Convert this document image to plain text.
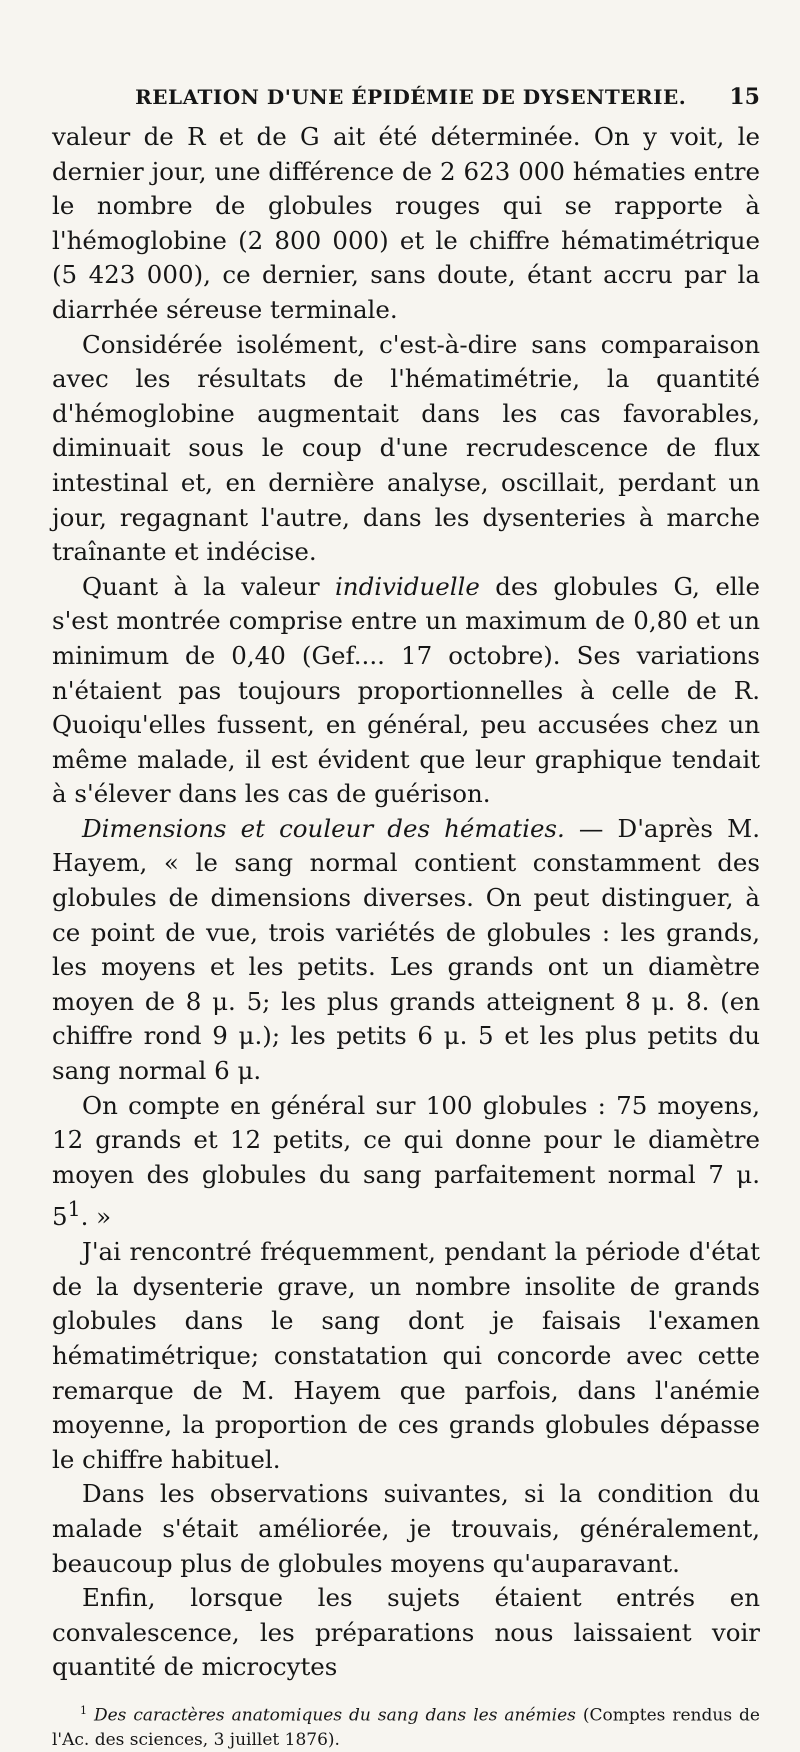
RELATION D'UNE ÉPIDÉMIE DE DYSENTERIE.	15

valeur de R et de G ait été déterminée. On y voit, le dernier jour, une différence de 2 623 000 hématies entre le nombre de globules rouges qui se rapporte à l'hémoglobine (2 800 000) et le chiffre hématimétrique (5 423 000), ce dernier, sans doute, étant accru par la diarrhée séreuse terminale.

Considérée isolément, c'est-à-dire sans comparaison avec les résultats de l'hématimétrie, la quantité d'hémoglobine augmentait dans les cas favorables, diminuait sous le coup d'une recrudescence de flux intestinal et, en dernière analyse, oscillait, perdant un jour, regagnant l'autre, dans les dysenteries à marche traînante et indécise.

Quant à la valeur individuelle des globules G, elle s'est montrée comprise entre un maximum de 0,80 et un minimum de 0,40 (Gef.... 17 octobre). Ses variations n'étaient pas toujours proportionnelles à celle de R. Quoiqu'elles fussent, en général, peu accusées chez un même malade, il est évident que leur graphique tendait à s'élever dans les cas de guérison.

Dimensions et couleur des hématies. — D'après M. Hayem, « le sang normal contient constamment des globules de dimensions diverses. On peut distinguer, à ce point de vue, trois variétés de globules : les grands, les moyens et les petits. Les grands ont un diamètre moyen de 8 μ. 5; les plus grands atteignent 8 μ. 8. (en chiffre rond 9 μ.); les petits 6 μ. 5 et les plus petits du sang normal 6 μ.

On compte en général sur 100 globules : 75 moyens, 12 grands et 12 petits, ce qui donne pour le diamètre moyen des globules du sang parfaitement normal 7 μ. $5^1$. »

J'ai rencontré fréquemment, pendant la période d'état de la dysenterie grave, un nombre insolite de grands globules dans le sang dont je faisais l'examen hématimétrique; constatation qui concorde avec cette remarque de M. Hayem que parfois, dans l'anémie moyenne, la proportion de ces grands globules dépasse le chiffre habituel.

Dans les observations suivantes, si la condition du malade s'était améliorée, je trouvais, généralement, beaucoup plus de globules moyens qu'auparavant.

Enfin, lorsque les sujets étaient entrés en convalescence, les préparations nous laissaient voir quantité de microcytes

$^1$ Des caractères anatomiques du sang dans les anémies (Comptes rendus de l'Ac. des sciences, 3 juillet 1876).
